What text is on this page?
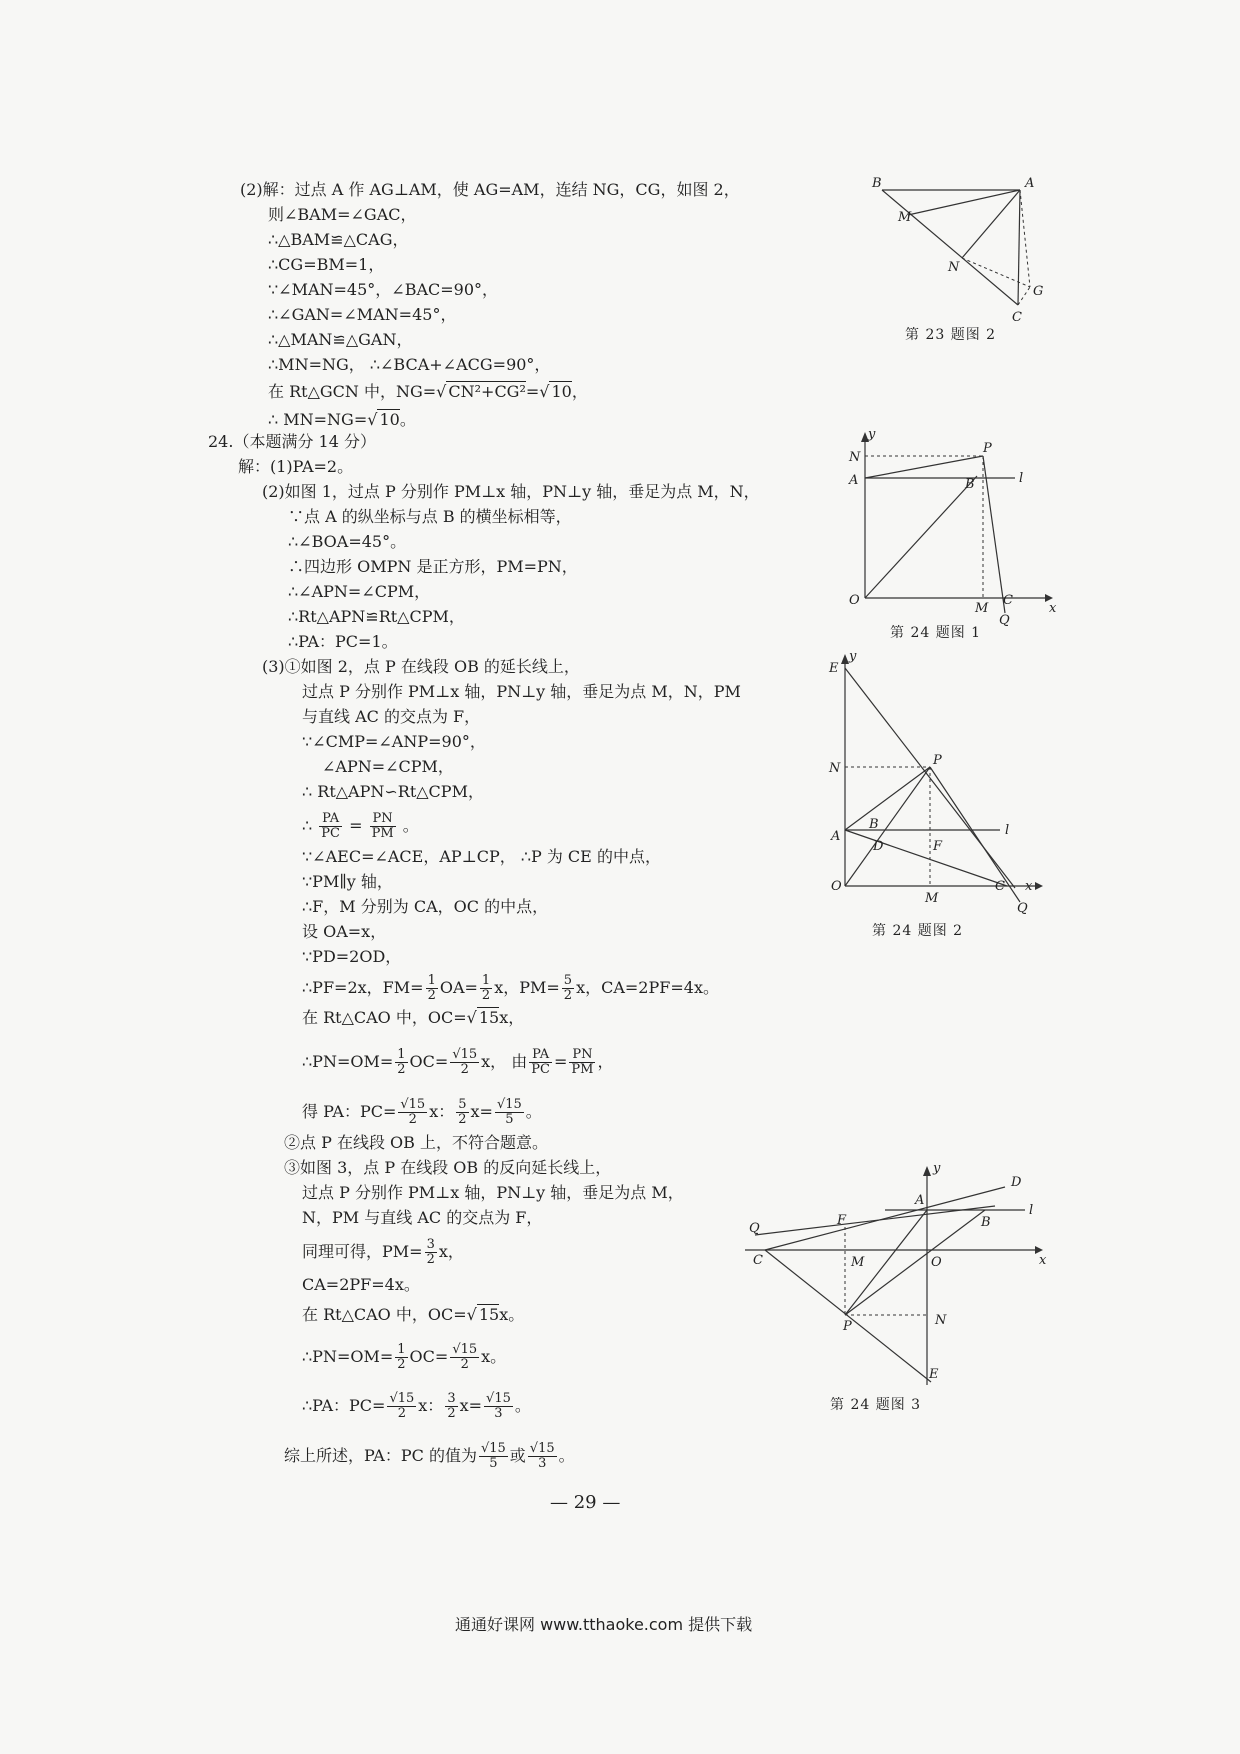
(2)解：过点 A 作 AG⊥AM，使 AG=AM，连结 NG，CG，如图 2，
则∠BAM=∠GAC，
∴△BAM≌△CAG，
∴CG=BM=1，
∵∠MAN=45°，∠BAC=90°，
∴∠GAN=∠MAN=45°，
∴△MAN≌△GAN，
∴MN=NG， ∴∠BCA+∠ACG=90°，
在 Rt△GCN 中，NG=√ CN²+CG²=√ 10，
∴ MN=NG=√ 10。
B	A
M
N
G
C
第 23 题图 2
24.（本题满分 14 分）
解：(1)PA=2。
(2)如图 1，过点 P 分别作 PM⊥x 轴，PN⊥y 轴，垂足为点 M，N，
∵点 A 的纵坐标与点 B 的横坐标相等，
∴∠BOA=45°。
∴四边形 OMPN 是正方形，PM=PN，
∴∠APN=∠CPM，
∴Rt△APN≌Rt△CPM，
∴PA：PC=1。
(3)①如图 2，点 P 在线段 OB 的延长线上，
过点 P 分别作 PM⊥x 轴，PN⊥y 轴，垂足为点 M，N，PM
与直线 AC 的交点为 F，
∵∠CMP=∠ANP=90°，
∠APN=∠CPM，
∴ Rt△APN∽Rt△CPM，
∴ $\frac{PA}{PC} = \frac{PN}{PM}$ 。
∵∠AEC=∠ACE，AP⊥CP， ∴P 为 CE 的中点，
∵PM∥y 轴，
∴F，M 分别为 CA，OC 的中点，
设 OA=x，
∵PD=2OD，
∴PF=2x，$FM= \frac{1}{2} OA= \frac{1}{2}$ x，$PM= \frac{5}{2}$ x，CA=2PF=4x。
在 Rt△CAO 中，OC=√ 15x，
∴PN=OM= $\frac{1}{2} OC= \frac{√15}{2}$ x， 由 $\frac{PA}{PC} = \frac{PN}{PM}$ ，
得 PA：$PC= \frac{√15}{2}$ x： $\frac{5}{2} x= \frac{√15}{5}$ 。
②点 P 在线段 OB 上，不符合题意。
③如图 3，点 P 在线段 OB 的反向延长线上，
过点 P 分别作 PM⊥x 轴，PN⊥y 轴，垂足为点 M，
N，PM 与直线 AC 的交点为 F，
同理可得，$PM= \frac{3}{2}$ x，
CA=2PF=4x。
在 Rt△CAO 中，OC=√ 15x。
∴PN=OM= $\frac{1}{2} OC= \frac{√15}{2}$ x。
∴PA：$PC= \frac{√15}{2}$ x： $\frac{3}{2} x= \frac{√15}{3}$ 。
综上所述，PA：PC 的值为 $\frac{√15}{5}$ 或 $\frac{√15}{3}$ 。
y
N
A
P
B	l
O
M
C
x
Q
第 24 题图 1
E
y
N
P
B	l
A
D	F
O
M
C x
Q
第 24 题图 2
y
D
A
l
B
Q
F
C	M	O	x
N
P
E
第 24 题图 3
— 29 —
通通好课网 www.tthaoke.com 提供下载
